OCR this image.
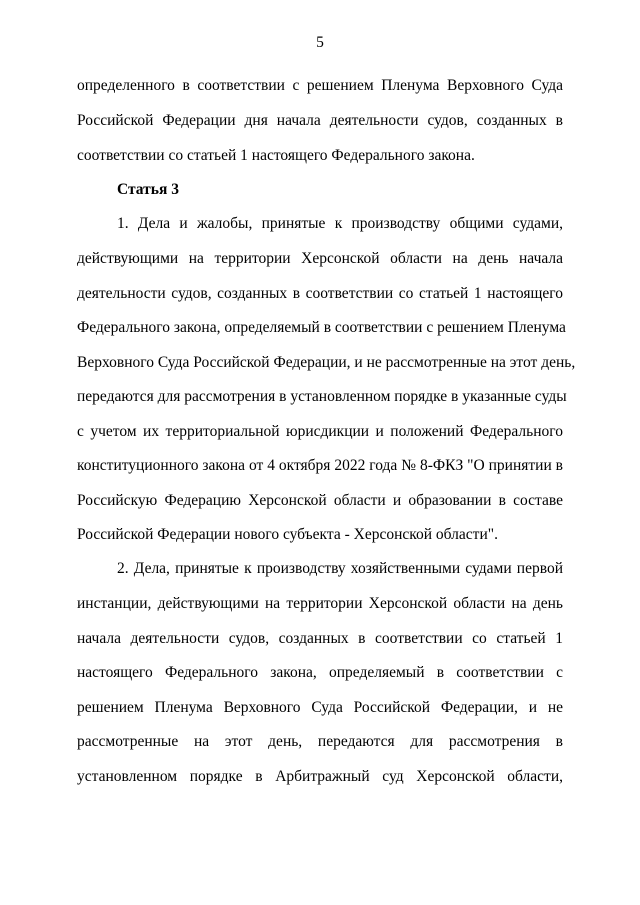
5
определенного в соответствии с решением Пленума Верховного Суда
Российской Федерации дня начала деятельности судов, созданных в
соответствии со статьей 1 настоящего Федерального закона.
Статья 3
1. Дела и жалобы, принятые к производству общими судами,
действующими на территории Херсонской области на день начала
деятельности судов, созданных в соответствии со статьей 1 настоящего
Федерального закона, определяемый в соответствии с решением Пленума
Верховного Суда Российской Федерации, и не рассмотренные на этот день,
передаются для рассмотрения в установленном порядке в указанные суды
с учетом их территориальной юрисдикции и положений Федерального
конституционного закона от 4 октября 2022 года № 8-ФКЗ "О принятии в
Российскую Федерацию Херсонской области и образовании в составе
Российской Федерации нового субъекта - Херсонской области".
2. Дела, принятые к производству хозяйственными судами первой
инстанции, действующими на территории Херсонской области на день
начала деятельности судов, созданных в соответствии со статьей 1
настоящего Федерального закона, определяемый в соответствии с
решением Пленума Верховного Суда Российской Федерации, и не
рассмотренные на этот день, передаются для рассмотрения в
установленном порядке в Арбитражный суд Херсонской области,
